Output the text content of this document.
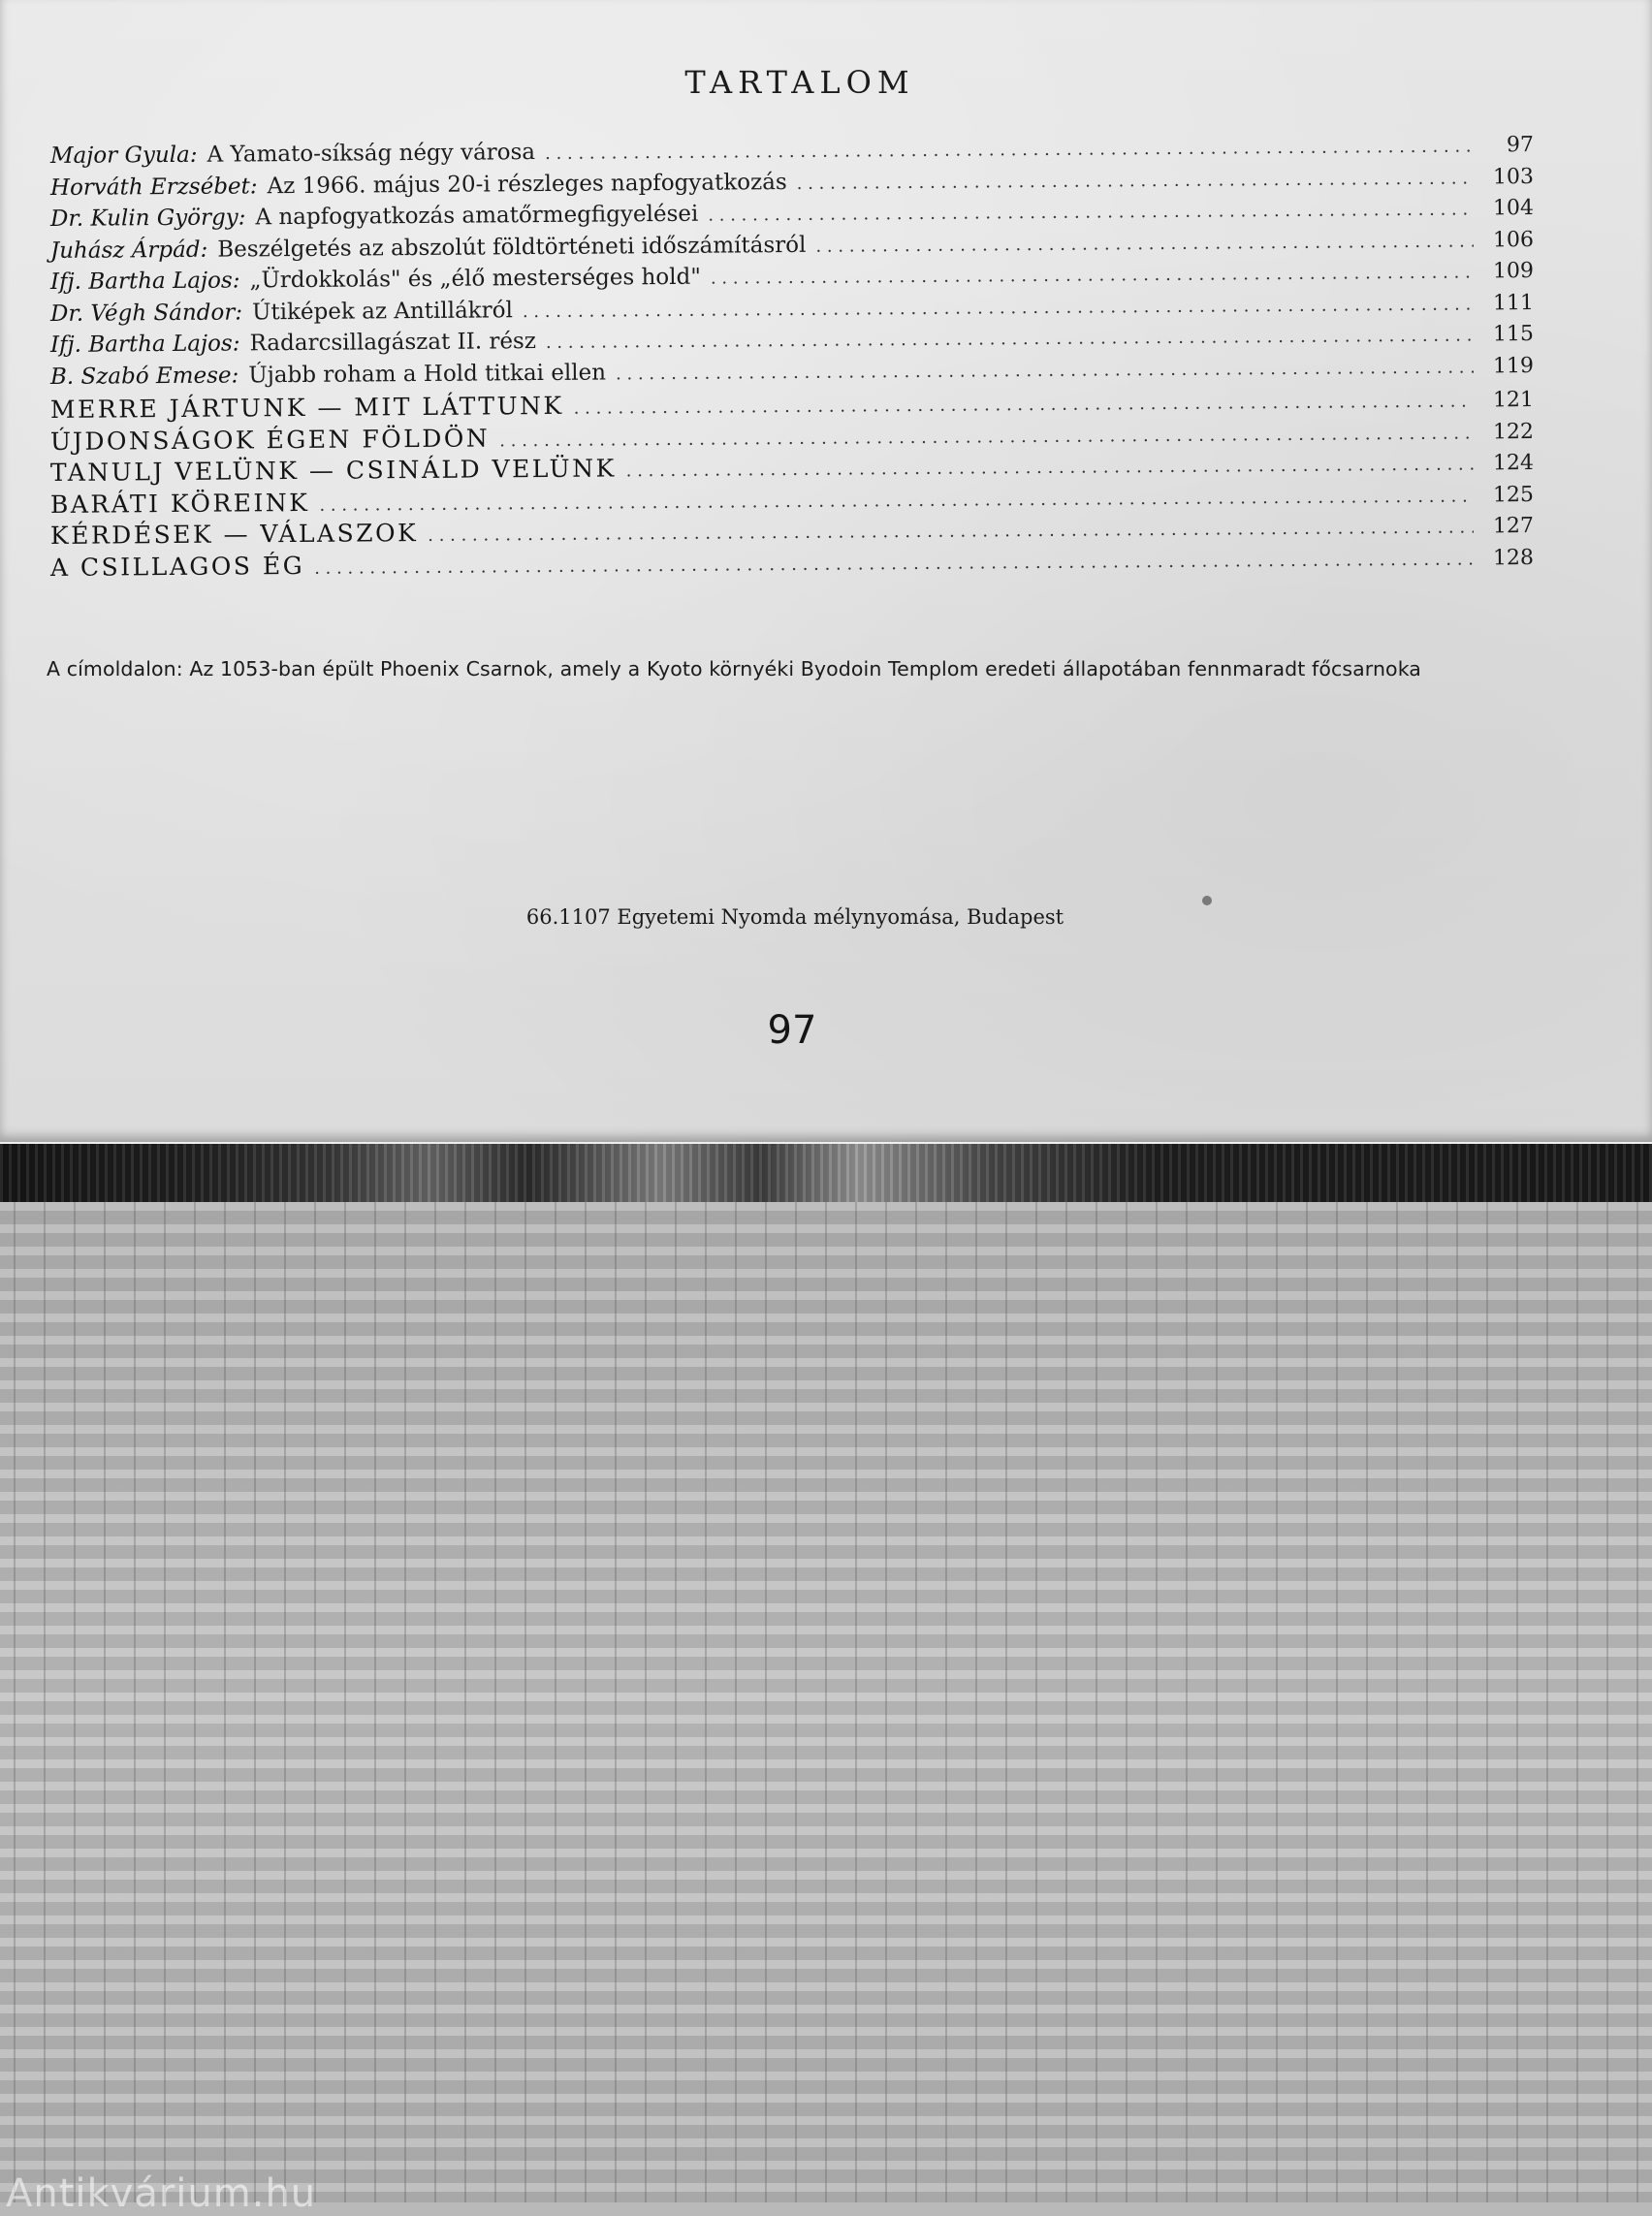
TARTALOM
Major Gyula: A Yamato-síkság négy városa . . .	97
Horváth Erzsébet: Az 1966. május 20-i részleges napfogyatkozás . . .	103
Dr. Kulin György: A napfogyatkozás amatőrmegfigyelései . . .	104
Juhász Árpád: Beszélgetés az abszolút földtörténeti időszámításról . . .	106
Ifj. Bartha Lajos: „Ürdokkolás" és „élő mesterséges hold" . . .	109
Dr. Végh Sándor: Útiképek az Antillákról . . .	111
Ifj. Bartha Lajos: Radarcsillagászat II. rész . . .	115
B. Szabó Emese: Újabb roham a Hold titkai ellen . . .	119
MERRE JÁRTUNK — MIT LÁTTUNK . . .	121
ÚJDONSÁGOK ÉGEN FÖLDÖN . . .	122
TANULJ VELÜNK — CSINÁLD VELÜNK . . .	124
BARÁTI KÖREINK . . .	125
KÉRDÉSEK — VÁLASZOK . . .	127
A CSILLAGOS ÉG . . .	128
A címoldalon: Az 1053-ban épült Phoenix Csarnok, amely a Kyoto környéki Byodoin Templom eredeti állapotában fennmaradt főcsarnoka
66.1107 Egyetemi Nyomda mélynyomása, Budapest
97
Antikvárium.hu
